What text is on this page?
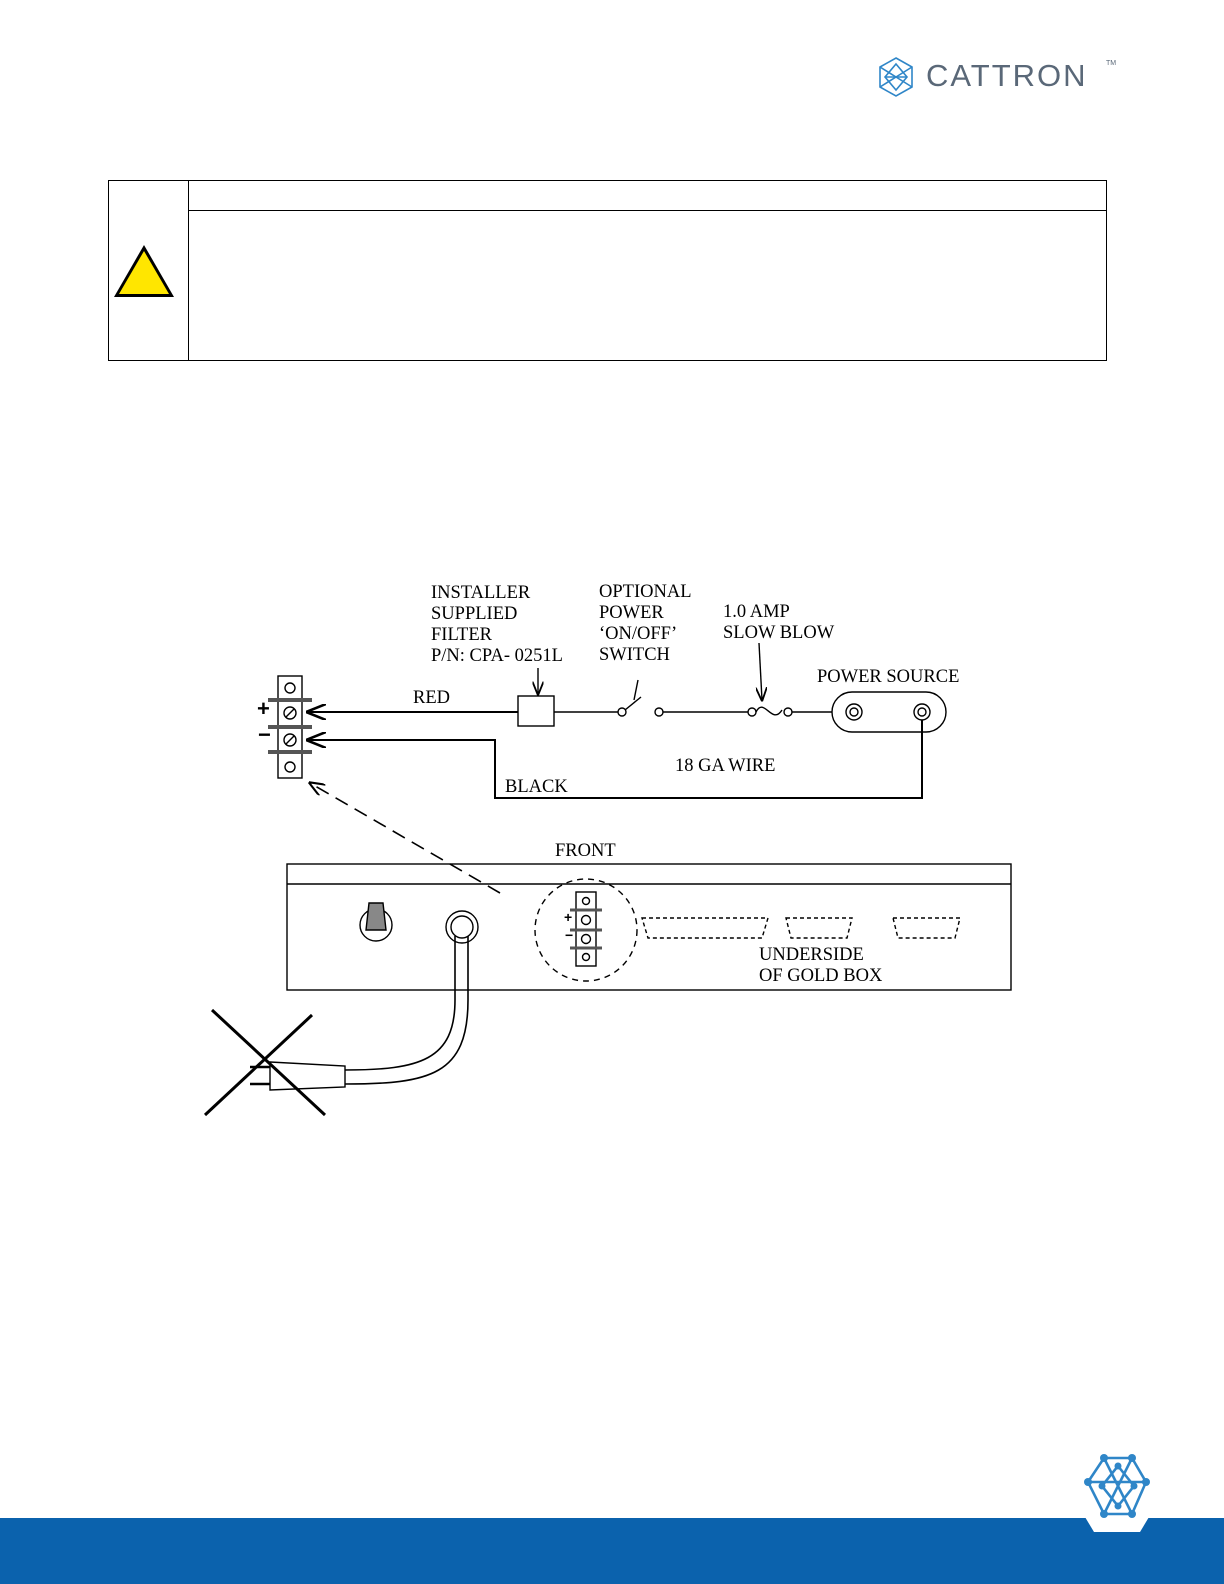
CATTRON	TM
INSTALLER
SUPPLIED
FILTER
P/N: CPA- 0251L
OPTIONAL
POWER
‘ON/OFF’
SWITCH
1.0 AMP
SLOW BLOW
POWER SOURCE
RED
BLACK
18 GA WIRE
+
−
FRONT
UNDERSIDE
OF GOLD BOX
+
−
